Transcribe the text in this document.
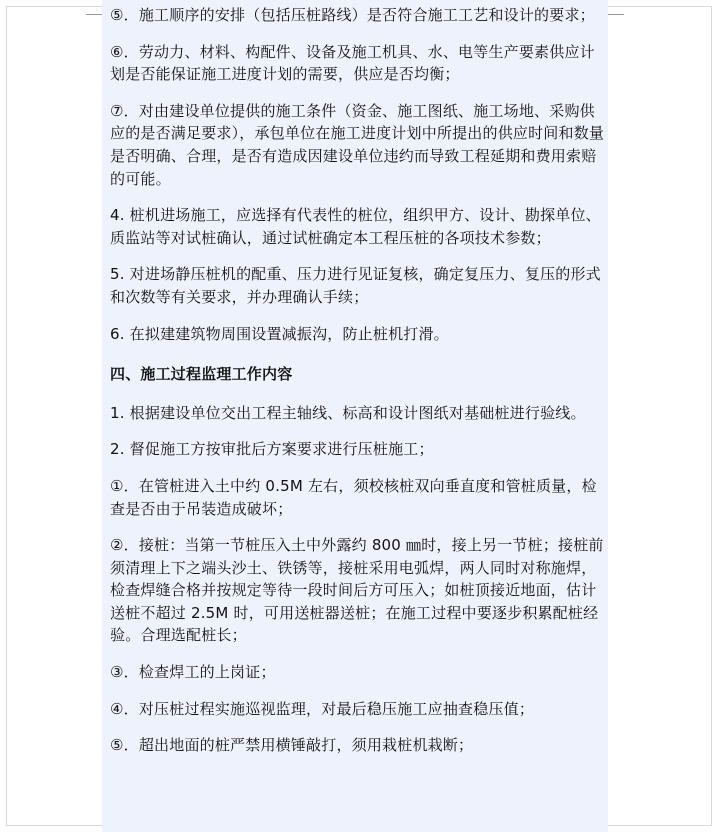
⑤．施工顺序的安排（包括压桩路线）是否符合施工工艺和设计的要求；

⑥．劳动力、材料、构配件、设备及施工机具、水、电等生产要素供应计划是否能保证施工进度计划的需要，供应是否均衡；

⑦．对由建设单位提供的施工条件（资金、施工图纸、施工场地、采购供应的是否满足要求），承包单位在施工进度计划中所提出的供应时间和数量是否明确、合理，是否有造成因建设单位违约而导致工程延期和费用索赔的可能。

4. 桩机进场施工，应选择有代表性的桩位，组织甲方、设计、勘探单位、质监站等对试桩确认，通过试桩确定本工程压桩的各项技术参数；

5. 对进场静压桩机的配重、压力进行见证复核，确定复压力、复压的形式和次数等有关要求，并办理确认手续；

6. 在拟建建筑物周围设置减振沟，防止桩机打滑。

四、施工过程监理工作内容

1. 根据建设单位交出工程主轴线、标高和设计图纸对基础桩进行验线。

2. 督促施工方按审批后方案要求进行压桩施工；

①．在管桩进入土中约 0.5M 左右，须校核桩双向垂直度和管桩质量，检查是否由于吊装造成破坏；

②．接桩：当第一节桩压入土中外露约 800 ㎜时，接上另一节桩；接桩前须清理上下之端头沙土、铁锈等，接桩采用电弧焊，两人同时对称施焊，检查焊缝合格并按规定等待一段时间后方可压入；如桩顶接近地面，估计送桩不超过 2.5M 时，可用送桩器送桩；在施工过程中要逐步积累配桩经验。合理选配桩长；

③．检查焊工的上岗证；

④．对压桩过程实施巡视监理，对最后稳压施工应抽查稳压值；

⑤．超出地面的桩严禁用横锤敲打，须用栽桩机栽断；
